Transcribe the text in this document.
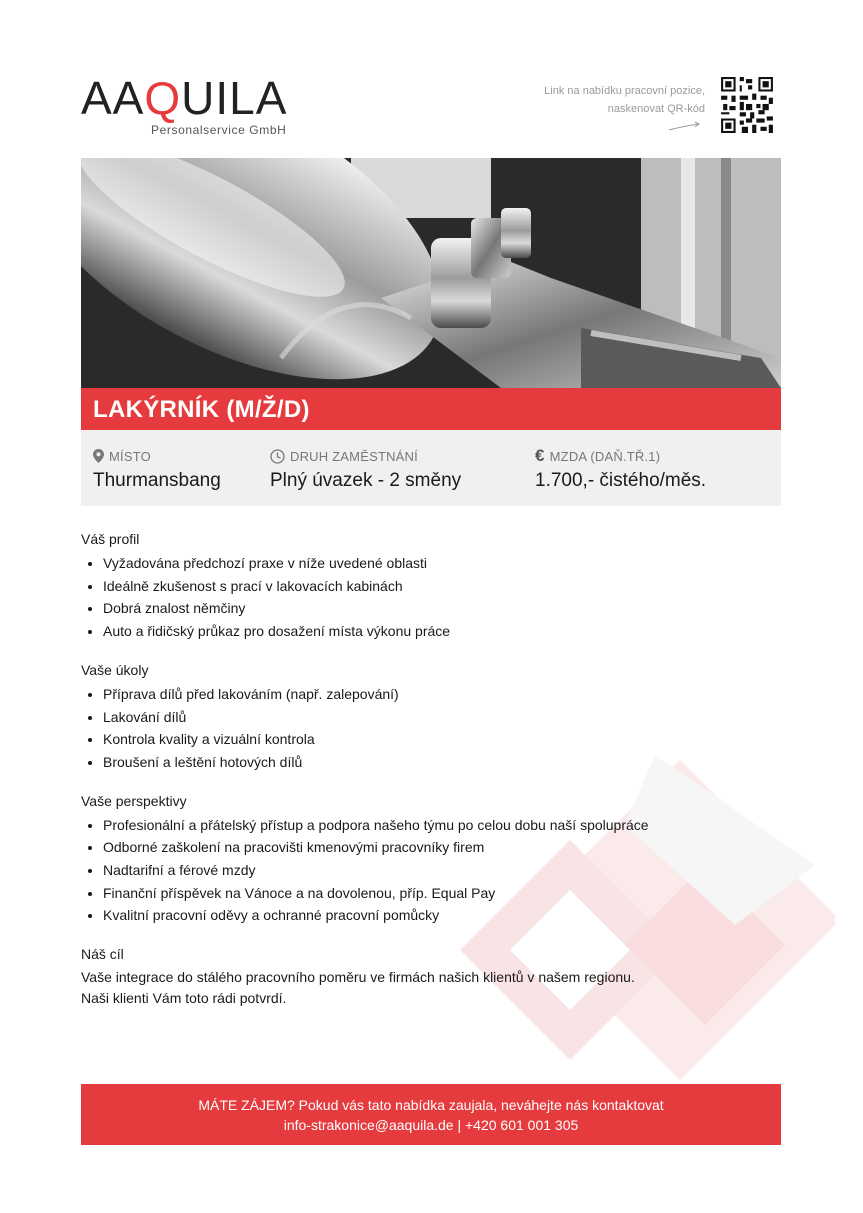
AAQUILA
Personalservice GmbH
Link na nabídku pracovní pozice, naskenovat QR-kód
LAKÝRNÍK (M/Ž/D)
MÍSTO
Thurmansbang
DRUH ZAMĚSTNÁNÍ
Plný úvazek - 2 směny
€ MZDA (DAŇ.TŘ.1)
1.700,- čistého/měs.
Váš profil
• Vyžadována předchozí praxe v níže uvedené oblasti
• Ideálně zkušenost s prací v lakovacích kabinách
• Dobrá znalost němčiny
• Auto a řidičský průkaz pro dosažení místa výkonu práce
Vaše úkoly
• Příprava dílů před lakováním (např. zalepování)
• Lakování dílů
• Kontrola kvality a vizuální kontrola
• Broušení a leštění hotových dílů
Vaše perspektivy
• Profesionální a přátelský přístup a podpora našeho týmu po celou dobu naší spolupráce
• Odborné zaškolení na pracovišti kmenovými pracovníky firem
• Nadtarifní a férové mzdy
• Finanční příspěvek na Vánoce a na dovolenou, příp. Equal Pay
• Kvalitní pracovní oděvy a ochranné pracovní pomůcky
Náš cíl

Vaše integrace do stálého pracovního poměru ve firmách našich klientů v našem regionu.

Naši klienti Vám toto rádi potvrdí.

MÁTE ZÁJEM? Pokud vás tato nabídka zaujala, neváhejte nás kontaktovat
info-strakonice@aaquila.de | +420 601 001 305
